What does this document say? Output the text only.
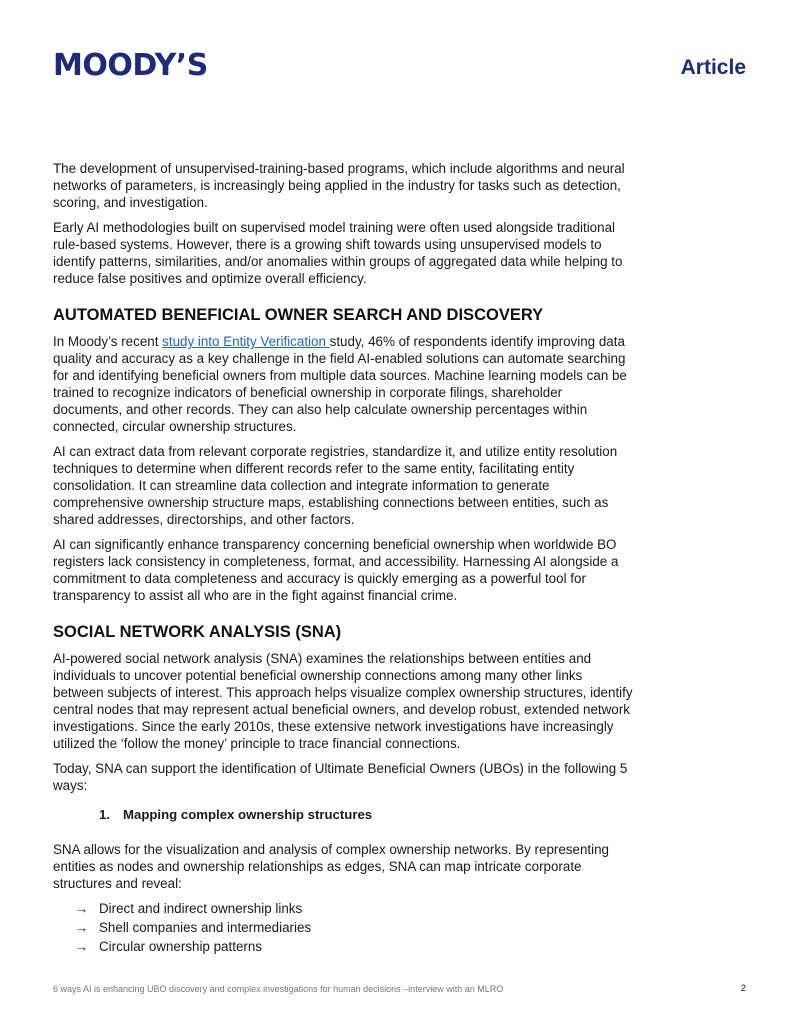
MOODY’S	Article

The development of unsupervised-training-based programs, which include algorithms and neural networks of parameters, is increasingly being applied in the industry for tasks such as detection, scoring, and investigation.

Early AI methodologies built on supervised model training were often used alongside traditional rule-based systems. However, there is a growing shift towards using unsupervised models to identify patterns, similarities, and/or anomalies within groups of aggregated data while helping to reduce false positives and optimize overall efficiency.

AUTOMATED BENEFICIAL OWNER SEARCH AND DISCOVERY

In Moody’s recent study into Entity Verification study, 46% of respondents identify improving data quality and accuracy as a key challenge in the field AI-enabled solutions can automate searching for and identifying beneficial owners from multiple data sources. Machine learning models can be trained to recognize indicators of beneficial ownership in corporate filings, shareholder documents, and other records. They can also help calculate ownership percentages within connected, circular ownership structures.

AI can extract data from relevant corporate registries, standardize it, and utilize entity resolution techniques to determine when different records refer to the same entity, facilitating entity consolidation. It can streamline data collection and integrate information to generate comprehensive ownership structure maps, establishing connections between entities, such as shared addresses, directorships, and other factors.

AI can significantly enhance transparency concerning beneficial ownership when worldwide BO registers lack consistency in completeness, format, and accessibility. Harnessing AI alongside a commitment to data completeness and accuracy is quickly emerging as a powerful tool for transparency to assist all who are in the fight against financial crime.

SOCIAL NETWORK ANALYSIS (SNA)

AI-powered social network analysis (SNA) examines the relationships between entities and individuals to uncover potential beneficial ownership connections among many other links between subjects of interest. This approach helps visualize complex ownership structures, identify central nodes that may represent actual beneficial owners, and develop robust, extended network investigations. Since the early 2010s, these extensive network investigations have increasingly utilized the ‘follow the money’ principle to trace financial connections.

Today, SNA can support the identification of Ultimate Beneficial Owners (UBOs) in the following 5 ways:

1. Mapping complex ownership structures

SNA allows for the visualization and analysis of complex ownership networks. By representing entities as nodes and ownership relationships as edges, SNA can map intricate corporate structures and reveal:

→ Direct and indirect ownership links
→ Shell companies and intermediaries
→ Circular ownership patterns
6 ways AI is enhancing UBO discovery and complex investigations for human decisions –interview with an MLRO	2
